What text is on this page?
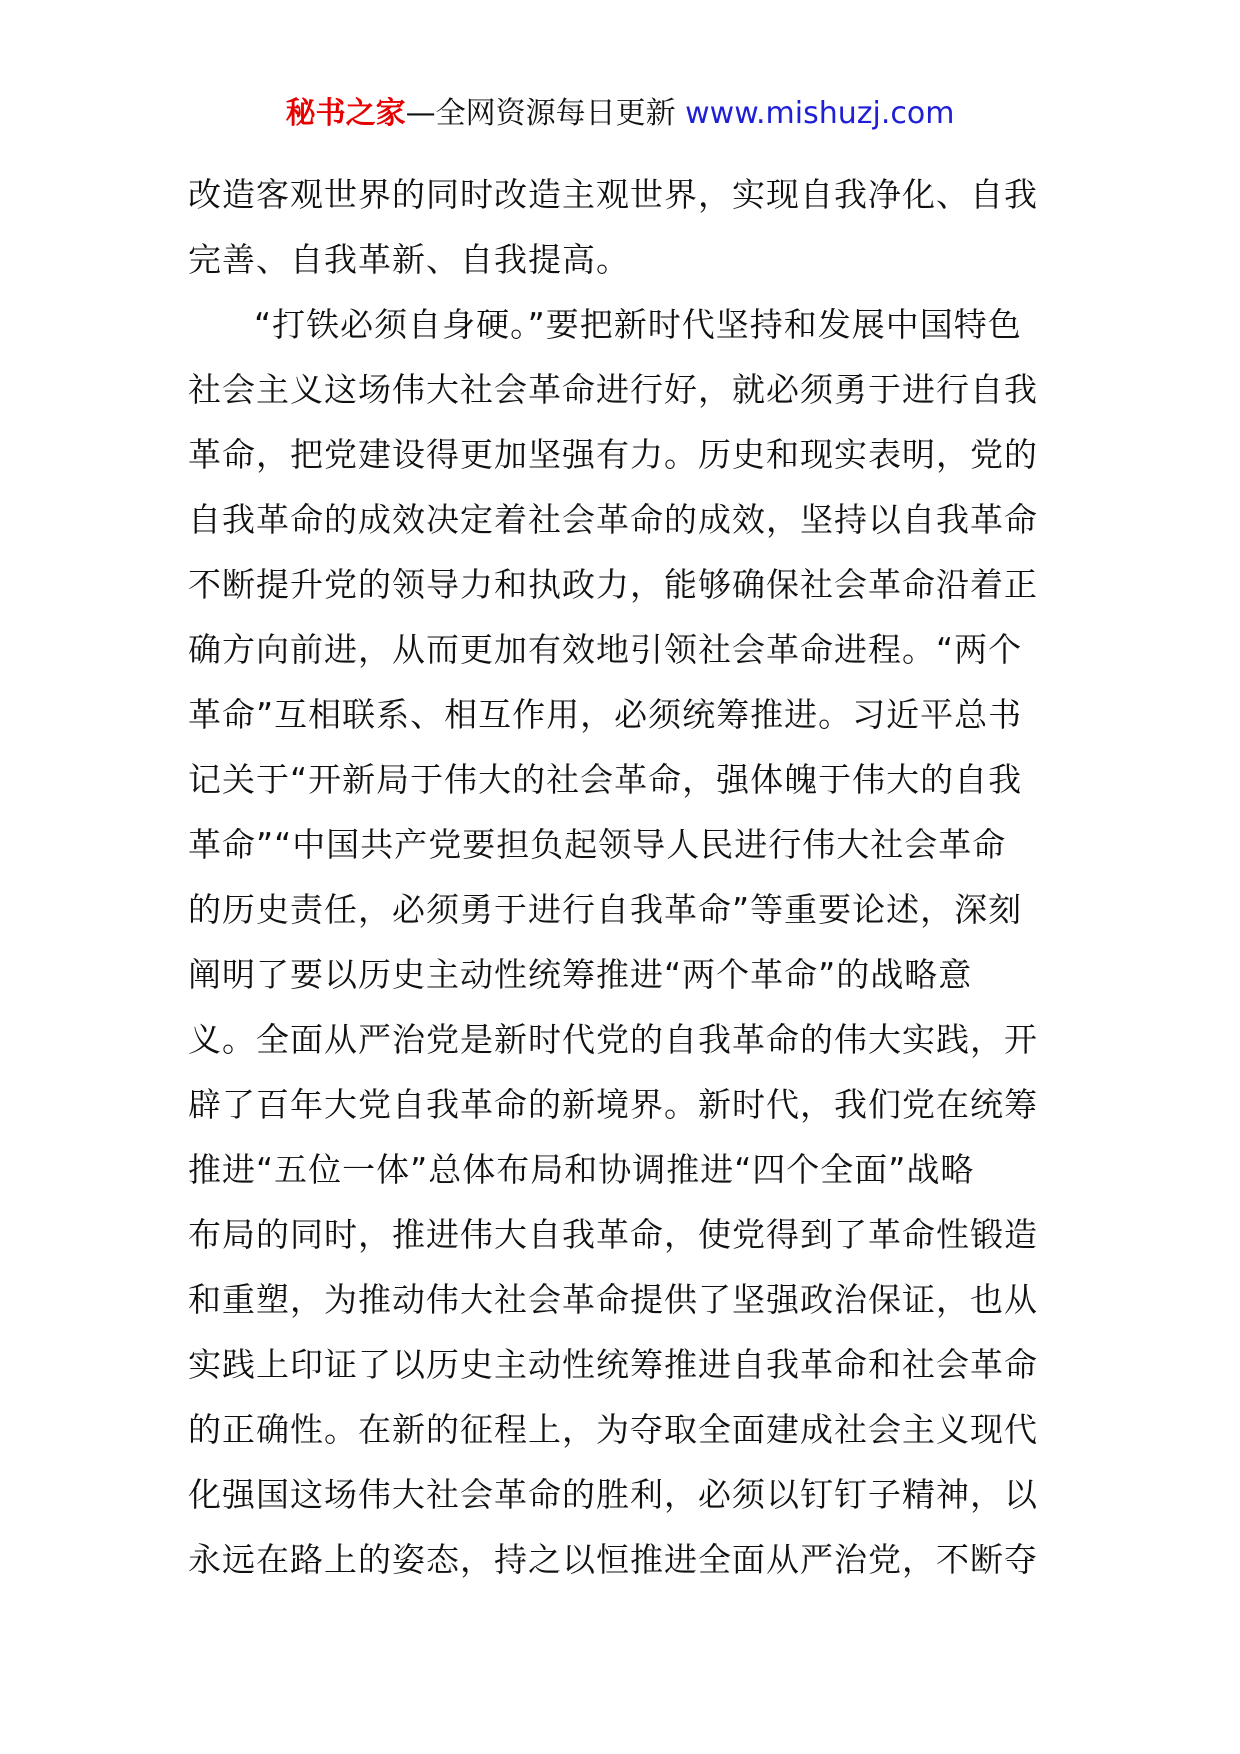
秘书之家—全网资源每日更新 www.mishuzj.com
改造客观世界的同时改造主观世界，实现自我净化、自我
完善、自我革新、自我提高。
“打铁必须自身硬。”要把新时代坚持和发展中国特色
社会主义这场伟大社会革命进行好，就必须勇于进行自我
革命，把党建设得更加坚强有力。历史和现实表明，党的
自我革命的成效决定着社会革命的成效，坚持以自我革命
不断提升党的领导力和执政力，能够确保社会革命沿着正
确方向前进，从而更加有效地引领社会革命进程。“两个
革命”互相联系、相互作用，必须统筹推进。习近平总书
记关于“开新局于伟大的社会革命，强体魄于伟大的自我
革命”“中国共产党要担负起领导人民进行伟大社会革命
的历史责任，必须勇于进行自我革命”等重要论述，深刻
阐明了要以历史主动性统筹推进“两个革命”的战略意
义。全面从严治党是新时代党的自我革命的伟大实践，开
辟了百年大党自我革命的新境界。新时代，我们党在统筹
推进“五位一体”总体布局和协调推进“四个全面”战略
布局的同时，推进伟大自我革命，使党得到了革命性锻造
和重塑，为推动伟大社会革命提供了坚强政治保证，也从
实践上印证了以历史主动性统筹推进自我革命和社会革命
的正确性。在新的征程上，为夺取全面建成社会主义现代
化强国这场伟大社会革命的胜利，必须以钉钉子精神，以
永远在路上的姿态，持之以恒推进全面从严治党，不断夺
